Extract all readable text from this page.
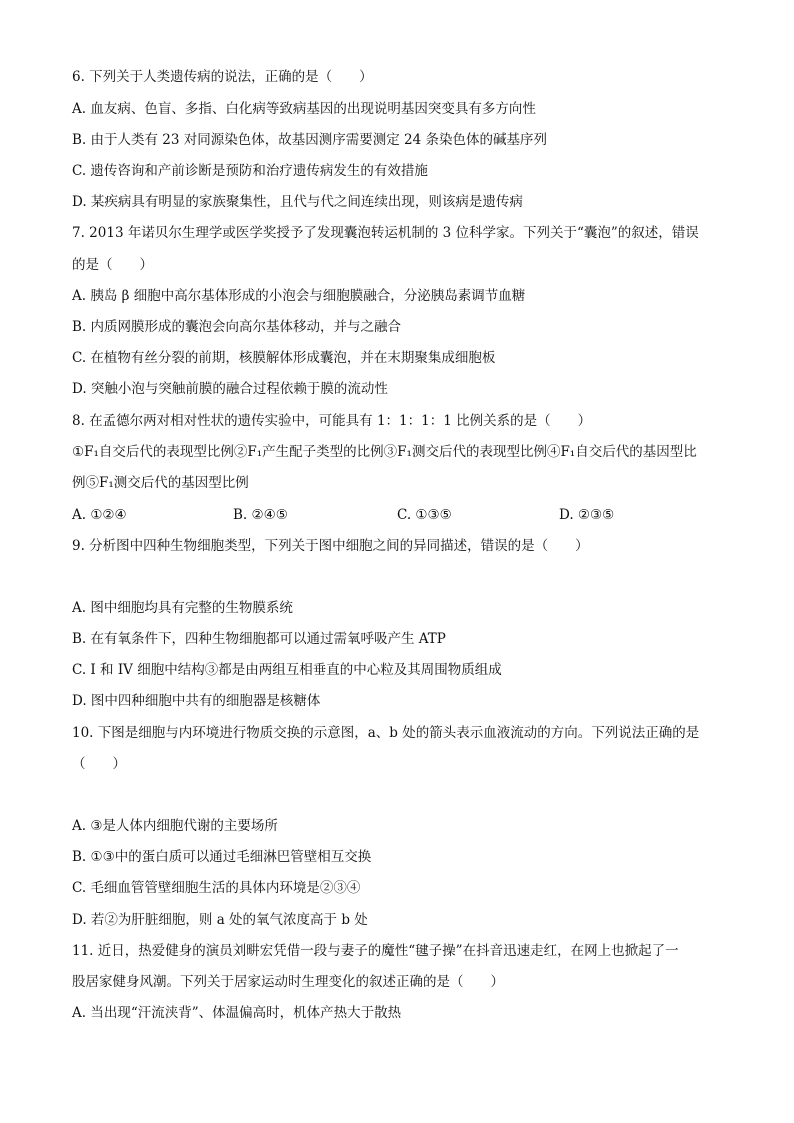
6. 下列关于人类遗传病的说法，正确的是（　　）
A. 血友病、色盲、多指、白化病等致病基因的出现说明基因突变具有多方向性
B. 由于人类有 23 对同源染色体，故基因测序需要测定 24 条染色体的碱基序列
C. 遗传咨询和产前诊断是预防和治疗遗传病发生的有效措施
D. 某疾病具有明显的家族聚集性，且代与代之间连续出现，则该病是遗传病
7. 2013 年诺贝尔生理学或医学奖授予了发现囊泡转运机制的 3 位科学家。下列关于“囊泡”的叙述，错误
的是（　　）
A. 胰岛 β 细胞中高尔基体形成的小泡会与细胞膜融合，分泌胰岛素调节血糖
B. 内质网膜形成的囊泡会向高尔基体移动，并与之融合
C. 在植物有丝分裂的前期，核膜解体形成囊泡，并在末期聚集成细胞板
D. 突触小泡与突触前膜的融合过程依赖于膜的流动性
8. 在孟德尔两对相对性状的遗传实验中，可能具有 1：1：1：1 比例关系的是（　　）
①F₁自交后代的表现型比例②F₁产生配子类型的比例③F₁测交后代的表现型比例④F₁自交后代的基因型比
例⑤F₁测交后代的基因型比例
A. ①②④	B. ②④⑤	C. ①③⑤	D. ②③⑤
9. 分析图中四种生物细胞类型，下列关于图中细胞之间的异同描述，错误的是（　　）
A. 图中细胞均具有完整的生物膜系统
B. 在有氧条件下，四种生物细胞都可以通过需氧呼吸产生 ATP
C. I 和 IV 细胞中结构③都是由两组互相垂直的中心粒及其周围物质组成
D. 图中四种细胞中共有的细胞器是核糖体
10. 下图是细胞与内环境进行物质交换的示意图，a、b 处的箭头表示血液流动的方向。下列说法正确的是
（　　）
A. ③是人体内细胞代谢的主要场所
B. ①③中的蛋白质可以通过毛细淋巴管壁相互交换
C. 毛细血管管壁细胞生活的具体内环境是②③④
D. 若②为肝脏细胞，则 a 处的氧气浓度高于 b 处
11. 近日，热爱健身的演员刘畊宏凭借一段与妻子的魔性“毽子操”在抖音迅速走红，在网上也掀起了一
股居家健身风潮。下列关于居家运动时生理变化的叙述正确的是（　　）
A. 当出现“汗流浃背”、体温偏高时，机体产热大于散热
